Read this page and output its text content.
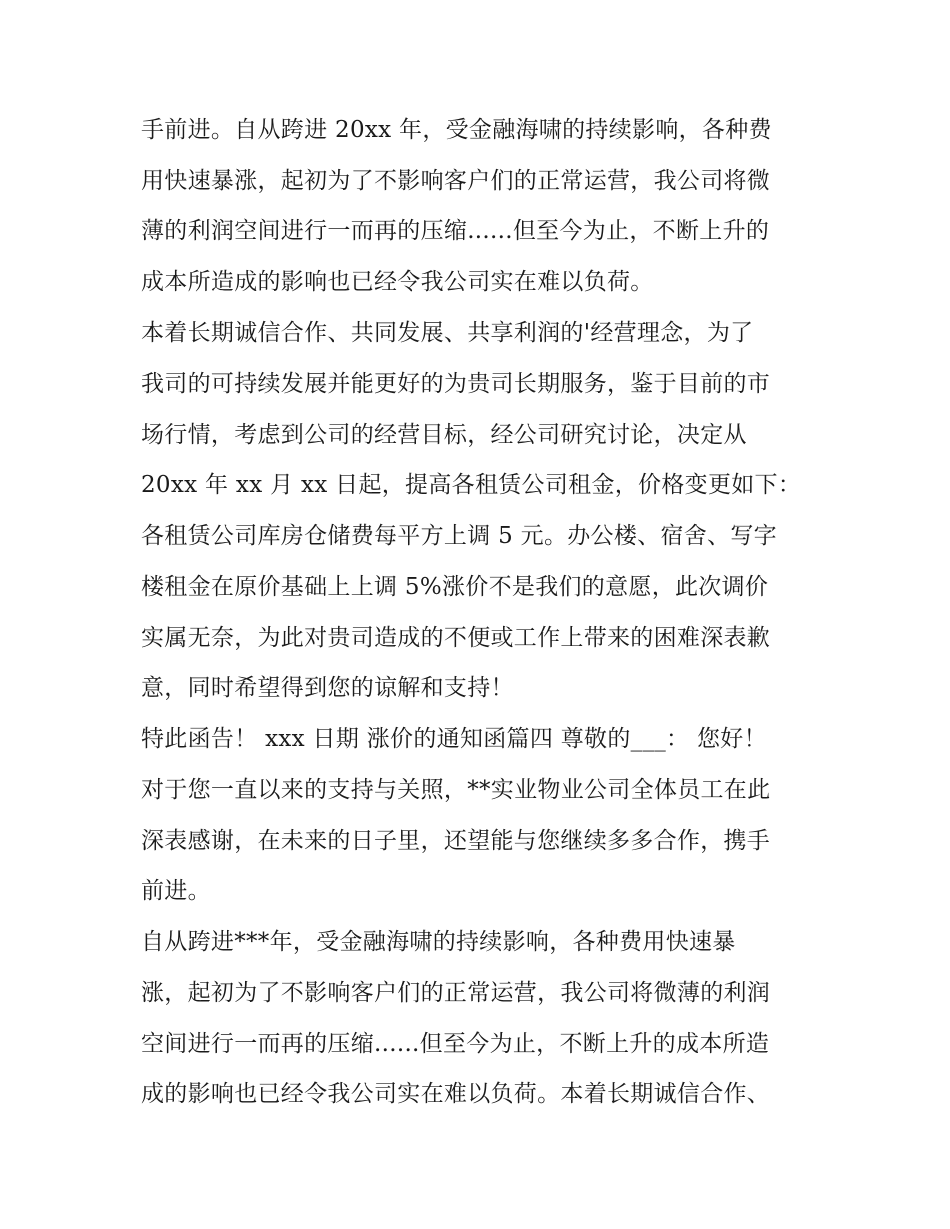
手前进。自从跨进 20xx 年，受金融海啸的持续影响，各种费
用快速暴涨，起初为了不影响客户们的正常运营，我公司将微
薄的利润空间进行一而再的压缩......但至今为止，不断上升的
成本所造成的影响也已经令我公司实在难以负荷。
本着长期诚信合作、共同发展、共享利润的'经营理念，为了
我司的可持续发展并能更好的为贵司长期服务，鉴于目前的市
场行情，考虑到公司的经营目标，经公司研究讨论，决定从
20xx 年 xx 月 xx 日起，提高各租赁公司租金，价格变更如下：
各租赁公司库房仓储费每平方上调 5 元。办公楼、宿舍、写字
楼租金在原价基础上上调 5%涨价不是我们的意愿，此次调价
实属无奈，为此对贵司造成的不便或工作上带来的困难深表歉
意，同时希望得到您的谅解和支持！
特此函告！ xxx 日期 涨价的通知函篇四 尊敬的___： 您好！
对于您一直以来的支持与关照，**实业物业公司全体员工在此
深表感谢，在未来的日子里，还望能与您继续多多合作，携手
前进。
自从跨进***年，受金融海啸的持续影响，各种费用快速暴
涨，起初为了不影响客户们的正常运营，我公司将微薄的利润
空间进行一而再的压缩......但至今为止，不断上升的成本所造
成的影响也已经令我公司实在难以负荷。本着长期诚信合作、
